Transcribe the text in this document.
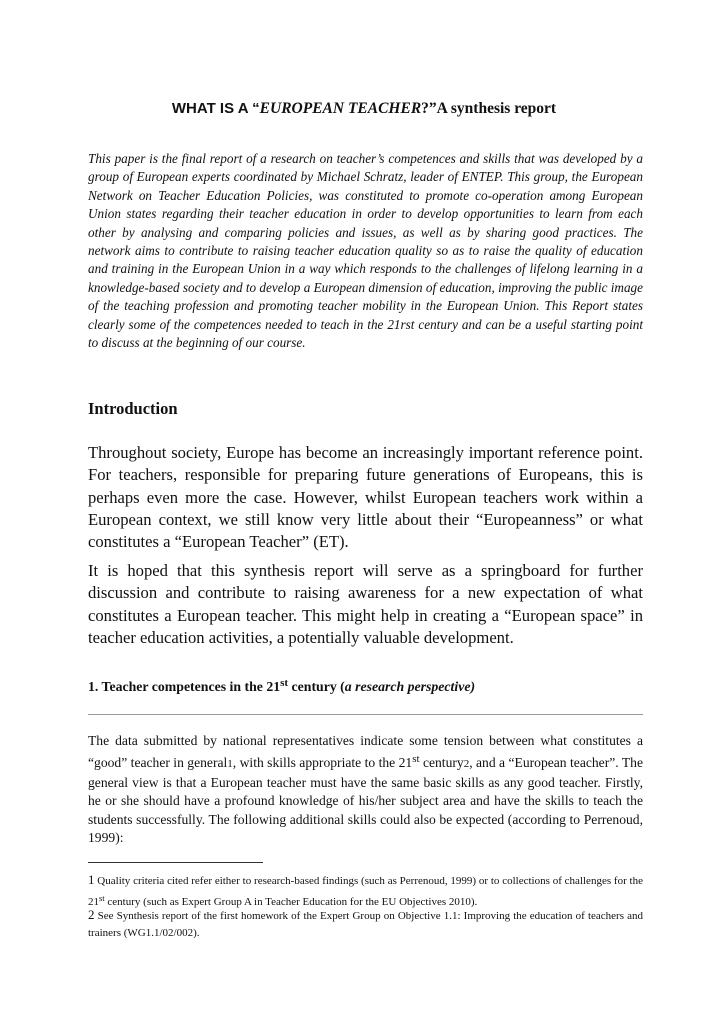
WHAT IS A “EUROPEAN TEACHER?”A synthesis report

This paper is the final report of a research on teacher’s competences and skills that was developed by a group of European experts coordinated by Michael Schratz, leader of ENTEP. This group, the European Network on Teacher Education Policies, was constituted to promote co-operation among European Union states regarding their teacher education in order to develop opportunities to learn from each other by analysing and comparing policies and issues, as well as by sharing good practices. The network aims to contribute to raising teacher education quality so as to raise the quality of education and training in the European Union in a way which responds to the challenges of lifelong learning in a knowledge-based society and to develop a European dimension of education, improving the public image of the teaching profession and promoting teacher mobility in the European Union. This Report states clearly some of the competences needed to teach in the 21rst century and can be a useful starting point to discuss at the beginning of our course.

Introduction

Throughout society, Europe has become an increasingly important reference point. For teachers, responsible for preparing future generations of Europeans, this is perhaps even more the case. However, whilst European teachers work within a European context, we still know very little about their “Europeanness” or what constitutes a “European Teacher” (ET).

It is hoped that this synthesis report will serve as a springboard for further discussion and contribute to raising awareness for a new expectation of what constitutes a European teacher. This might help in creating a “European space” in teacher education activities, a potentially valuable development.

1. Teacher competences in the 21st century (a research perspective)

The data submitted by national representatives indicate some tension between what constitutes a “good” teacher in general1, with skills appropriate to the 21st century2, and a “European teacher”. The general view is that a European teacher must have the same basic skills as any good teacher. Firstly, he or she should have a profound knowledge of his/her subject area and have the skills to teach the students successfully. The following additional skills could also be expected (according to Perrenoud, 1999):

1 Quality criteria cited refer either to research-based findings (such as Perrenoud, 1999) or to collections of challenges for the 21st century (such as Expert Group A in Teacher Education for the EU Objectives 2010).

2 See Synthesis report of the first homework of the Expert Group on Objective 1.1: Improving the education of teachers and trainers (WG1.1/02/002).
